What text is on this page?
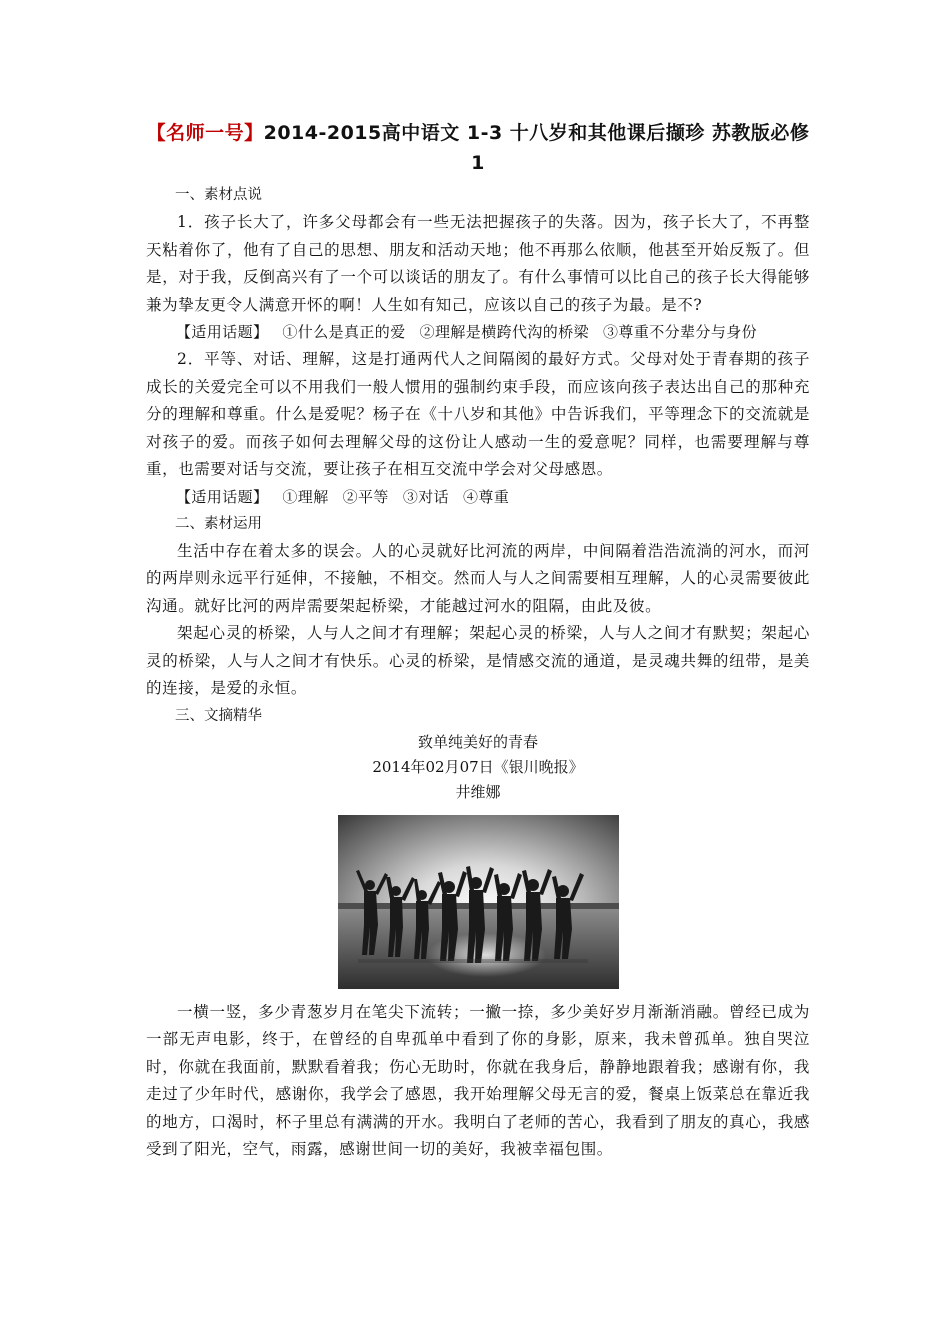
【名师一号】2014-2015高中语文 1-3 十八岁和其他课后撷珍 苏教版必修1

一、素材点说

1．孩子长大了，许多父母都会有一些无法把握孩子的失落。因为，孩子长大了，不再整天粘着你了，他有了自己的思想、朋友和活动天地；他不再那么依顺，他甚至开始反叛了。但是，对于我，反倒高兴有了一个可以谈话的朋友了。有什么事情可以比自己的孩子长大得能够兼为挚友更令人满意开怀的啊！人生如有知己，应该以自己的孩子为最。是不?

【适用话题】 ①什么是真正的爱 ②理解是横跨代沟的桥梁 ③尊重不分辈分与身份

2．平等、对话、理解，这是打通两代人之间隔阂的最好方式。父母对处于青春期的孩子成长的关爱完全可以不用我们一般人惯用的强制约束手段，而应该向孩子表达出自己的那种充分的理解和尊重。什么是爱呢？杨子在《十八岁和其他》中告诉我们，平等理念下的交流就是对孩子的爱。而孩子如何去理解父母的这份让人感动一生的爱意呢？同样，也需要理解与尊重，也需要对话与交流，要让孩子在相互交流中学会对父母感恩。

【适用话题】 ①理解 ②平等 ③对话 ④尊重

二、素材运用

生活中存在着太多的误会。人的心灵就好比河流的两岸，中间隔着浩浩流淌的河水，而河的两岸则永远平行延伸，不接触，不相交。然而人与人之间需要相互理解，人的心灵需要彼此沟通。就好比河的两岸需要架起桥梁，才能越过河水的阻隔，由此及彼。

架起心灵的桥梁，人与人之间才有理解；架起心灵的桥梁，人与人之间才有默契；架起心灵的桥梁，人与人之间才有快乐。心灵的桥梁，是情感交流的通道，是灵魂共舞的纽带，是美的连接，是爱的永恒。

三、文摘精华

致单纯美好的青春

2014年02月07日《银川晚报》

井维娜

一横一竖，多少青葱岁月在笔尖下流转；一撇一捺，多少美好岁月渐渐消融。曾经已成为一部无声电影，终于，在曾经的自卑孤单中看到了你的身影，原来，我未曾孤单。独自哭泣时，你就在我面前，默默看着我；伤心无助时，你就在我身后，静静地跟着我；感谢有你，我走过了少年时代，感谢你，我学会了感恩，我开始理解父母无言的爱，餐桌上饭菜总在靠近我的地方，口渴时，杯子里总有满满的开水。我明白了老师的苦心，我看到了朋友的真心，我感受到了阳光，空气，雨露，感谢世间一切的美好，我被幸福包围。
